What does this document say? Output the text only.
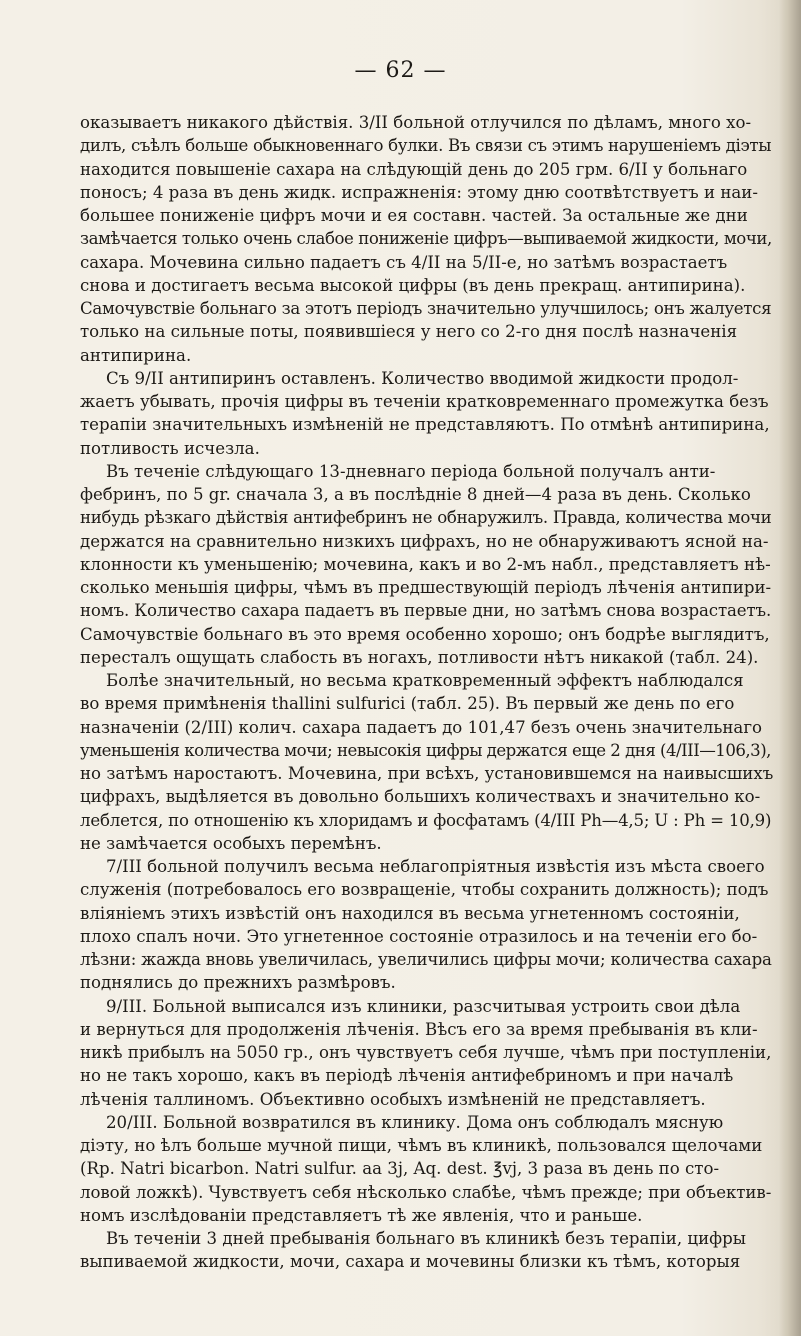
— 62 —
оказываетъ никакого дѣйствія. 3/II больной отлучился по дѣламъ, много хо-
дилъ, съѣлъ больше обыкновеннаго булки. Въ связи съ этимъ нарушеніемъ діэты
находится повышеніе сахара на слѣдующій день до 205 грм. 6/II у больнаго
поносъ; 4 раза въ день жидк. испражненія: этому дню соотвѣтствуетъ и наи-
большее пониженіе цифръ мочи и ея составн. частей. За остальные же дни
замѣчается только очень слабое пониженіе цифръ—выпиваемой жидкости, мочи,
сахара. Мочевина сильно падаетъ съ 4/II на 5/II-е, но затѣмъ возрастаетъ
снова и достигаетъ весьма высокой цифры (въ день прекращ. антипирина).
Самочувствіе больнаго за этотъ періодъ значительно улучшилось; онъ жалуется
только на сильные поты, появившіеся у него со 2-го дня послѣ назначенія
антипирина.
Съ 9/II антипиринъ оставленъ. Количество вводимой жидкости продол-
жаетъ убывать, прочія цифры въ теченіи кратковременнаго промежутка безъ
терапіи значительныхъ измѣненій не представляютъ. По отмѣнѣ антипирина,
потливость исчезла.
Въ теченіе слѣдующаго 13-дневнаго періода больной получалъ анти-
фебринъ, по 5 gr. сначала 3, а въ послѣдніе 8 дней—4 раза въ день. Сколько
нибудь рѣзкаго дѣйствія антифебринъ не обнаружилъ. Правда, количества мочи
держатся на сравнительно низкихъ цифрахъ, но не обнаруживаютъ ясной на-
клонности къ уменьшенію; мочевина, какъ и во 2-мъ набл., представляетъ нѣ-
сколько меньшія цифры, чѣмъ въ предшествующій періодъ лѣченія антипири-
номъ. Количество сахара падаетъ въ первые дни, но затѣмъ снова возрастаетъ.
Самочувствіе больнаго въ это время особенно хорошо; онъ бодрѣе выглядитъ,
пересталъ ощущать слабость въ ногахъ, потливости нѣтъ никакой (табл. 24).
Болѣе значительный, но весьма кратковременный эффектъ наблюдался
во время примѣненія thallini sulfurici (табл. 25). Въ первый же день по его
назначеніи (2/III) колич. сахара падаетъ до 101,47 безъ очень значительнаго
уменьшенія количества мочи; невысокія цифры держатся еще 2 дня (4/III—106,3),
но затѣмъ наростаютъ. Мочевина, при всѣхъ, установившемся на наивысшихъ
цифрахъ, выдѣляется въ довольно большихъ количествахъ и значительно ко-
леблется, по отношенію къ хлоридамъ и фосфатамъ (4/III Ph—4,5; U : Ph = 10,9)
не замѣчается особыхъ перемѣнъ.
7/III больной получилъ весьма неблагопріятныя извѣстія изъ мѣста своего
служенія (потребовалось его возвращеніе, чтобы сохранить должность); подъ
вліяніемъ этихъ извѣстій онъ находился въ весьма угнетенномъ состояніи,
плохо спалъ ночи. Это угнетенное состояніе отразилось и на теченіи его бо-
лѣзни: жажда вновь увеличилась, увеличились цифры мочи; количества сахара
поднялись до прежнихъ размѣровъ.
9/III. Больной выписался изъ клиники, разсчитывая устроить свои дѣла
и вернуться для продолженія лѣченія. Вѣсъ его за время пребыванія въ кли-
никѣ прибылъ на 5050 гр., онъ чувствуетъ себя лучше, чѣмъ при поступленіи,
но не такъ хорошо, какъ въ періодѣ лѣченія антифебриномъ и при началѣ
лѣченія таллиномъ. Объективно особыхъ измѣненій не представляетъ.
20/III. Больной возвратился въ клинику. Дома онъ соблюдалъ мясную
діэту, но ѣлъ больше мучной пищи, чѣмъ въ клиникѣ, пользовался щелочами
(Rp. Natri bicarbon. Natri sulfur. aa 3j, Aq. dest. ℥vj, 3 раза въ день по сто-
ловой ложкѣ). Чувствуетъ себя нѣсколько слабѣе, чѣмъ прежде; при объектив-
номъ изслѣдованіи представляетъ тѣ же явленія, что и раньше.
Въ теченіи 3 дней пребыванія больнаго въ клиникѣ безъ терапіи, цифры
выпиваемой жидкости, мочи, сахара и мочевины близки къ тѣмъ, которыя
